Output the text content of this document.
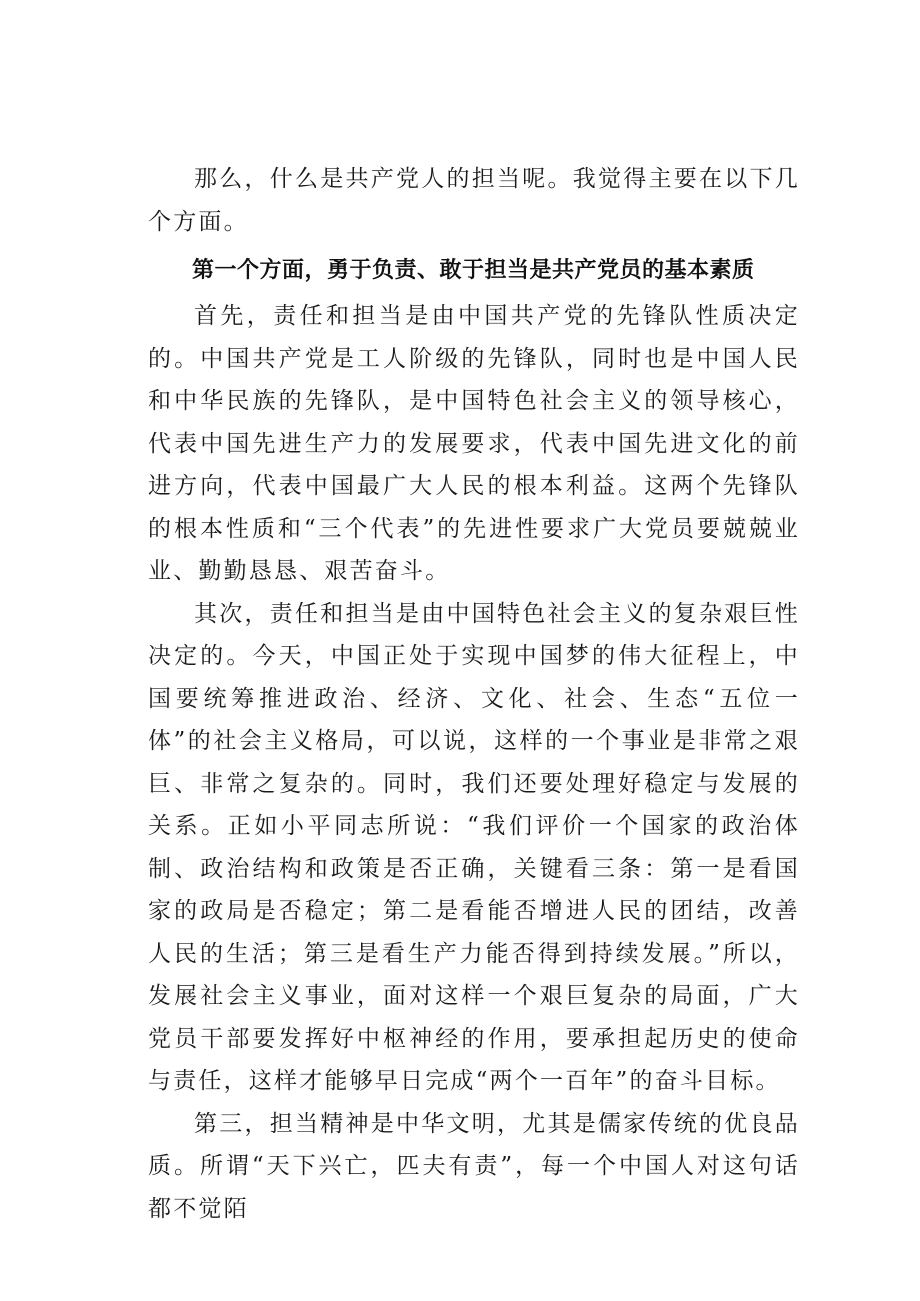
那么，什么是共产党人的担当呢。我觉得主要在以下几个方面。

第一个方面，勇于负责、敢于担当是共产党员的基本素质

首先，责任和担当是由中国共产党的先锋队性质决定的。中国共产党是工人阶级的先锋队，同时也是中国人民和中华民族的先锋队，是中国特色社会主义的领导核心，代表中国先进生产力的发展要求，代表中国先进文化的前进方向，代表中国最广大人民的根本利益。这两个先锋队的根本性质和“三个代表”的先进性要求广大党员要兢兢业业、勤勤恳恳、艰苦奋斗。

其次，责任和担当是由中国特色社会主义的复杂艰巨性决定的。今天，中国正处于实现中国梦的伟大征程上，中国要统筹推进政治、经济、文化、社会、生态“五位一体”的社会主义格局，可以说，这样的一个事业是非常之艰巨、非常之复杂的。同时，我们还要处理好稳定与发展的关系。正如小平同志所说：“我们评价一个国家的政治体制、政治结构和政策是否正确，关键看三条：第一是看国家的政局是否稳定；第二是看能否增进人民的团结，改善人民的生活；第三是看生产力能否得到持续发展。”所以，发展社会主义事业，面对这样一个艰巨复杂的局面，广大党员干部要发挥好中枢神经的作用，要承担起历史的使命与责任，这样才能够早日完成“两个一百年”的奋斗目标。

第三，担当精神是中华文明，尤其是儒家传统的优良品质。所谓“天下兴亡，匹夫有责”，每一个中国人对这句话都不觉陌
